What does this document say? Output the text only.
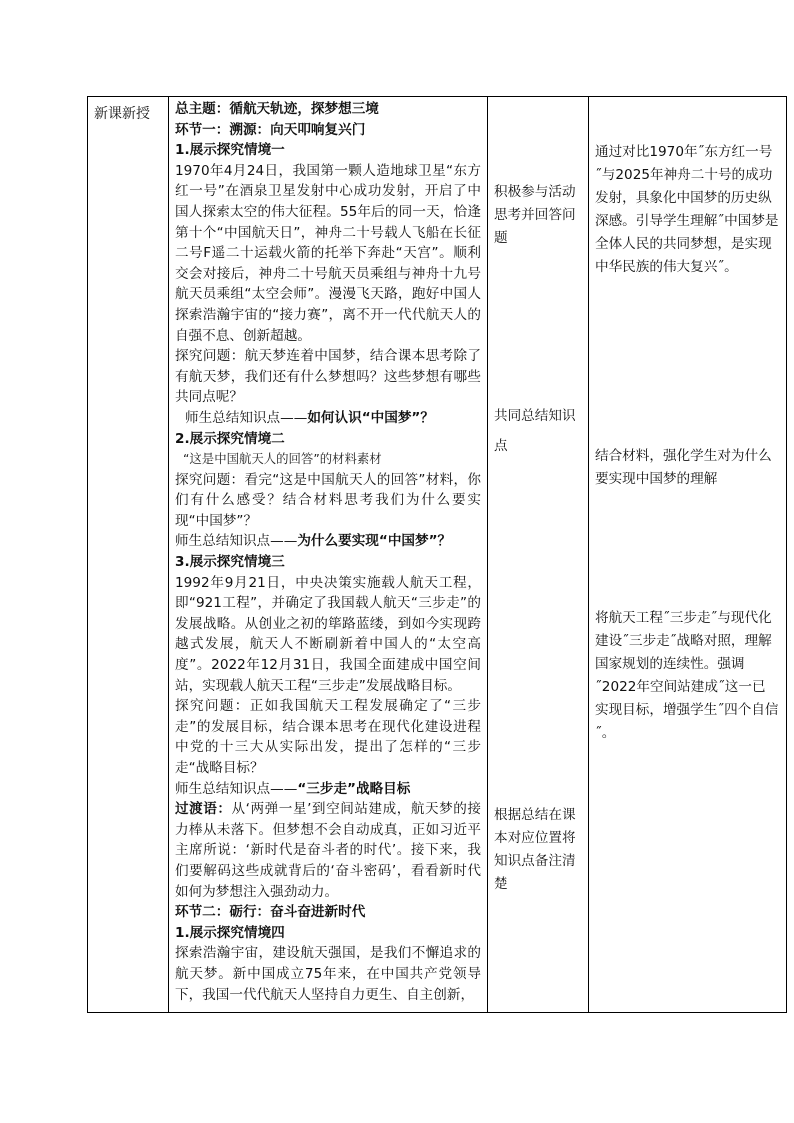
新课新授	总主题：循航天轨迹，探梦想三境

环节一：溯源：向天叩响复兴门

1.展示探究情境一

1970年4月24日，我国第一颗人造地球卫星“东方红一号”在酒泉卫星发射中心成功发射，开启了中国人探索太空的伟大征程。55年后的同一天，恰逢第十个“中国航天日”，神舟二十号载人飞船在长征二号F遥二十运载火箭的托举下奔赴“天宫”。顺利交会对接后，神舟二十号航天员乘组与神舟十九号航天员乘组“太空会师”。漫漫飞天路，跑好中国人探索浩瀚宇宙的“接力赛”，离不开一代代航天人的自强不息、创新超越。

探究问题：航天梦连着中国梦，结合课本思考除了有航天梦，我们还有什么梦想吗？这些梦想有哪些共同点呢？

师生总结知识点——如何认识“中国梦”？

2.展示探究情境二

“这是中国航天人的回答”的材料素材

探究问题：看完“这是中国航天人的回答”材料，你们有什么感受？结合材料思考我们为什么要实现“中国梦”？

师生总结知识点——为什么要实现“中国梦”？

3.展示探究情境三

1992年9月21日，中央决策实施载人航天工程，即“921工程”，并确定了我国载人航天“三步走”的发展战略。从创业之初的筚路蓝缕，到如今实现跨越式发展，航天人不断刷新着中国人的“太空高度”。2022年12月31日，我国全面建成中国空间站，实现载人航天工程“三步走”发展战略目标。

探究问题：正如我国航天工程发展确定了“三步走”的发展目标，结合课本思考在现代化建设进程中党的十三大从实际出发，提出了怎样的“三步走“战略目标？

师生总结知识点——“三步走”战略目标

过渡语：从‘两弹一星’到空间站建成，航天梦的接力棒从未落下。但梦想不会自动成真，正如习近平主席所说：‘新时代是奋斗者的时代’。接下来，我们要解码这些成就背后的‘奋斗密码’，看看新时代如何为梦想注入强劲动力。

环节二：砺行：奋斗奋进新时代

1.展示探究情境四

探索浩瀚宇宙，建设航天强国，是我们不懈追求的航天梦。新中国成立75年来，在中国共产党领导下，我国一代代航天人坚持自力更生、自主创新，

积极参与活动思考并回答问题

共同总结知识点

根据总结在课本对应位置将知识点备注清楚

通过对比1970年˝东方红一号˝与2025年神舟二十号的成功发射，具象化中国梦的历史纵深感。引导学生理解˝中国梦是全体人民的共同梦想，是实现中华民族的伟大复兴˝。

结合材料，强化学生对为什么要实现中国梦的理解

将航天工程˝三步走˝与现代化建设˝三步走˝战略对照，理解国家规划的连续性。强调˝2022年空间站建成˝这一已实现目标，增强学生˝四个自信˝。
